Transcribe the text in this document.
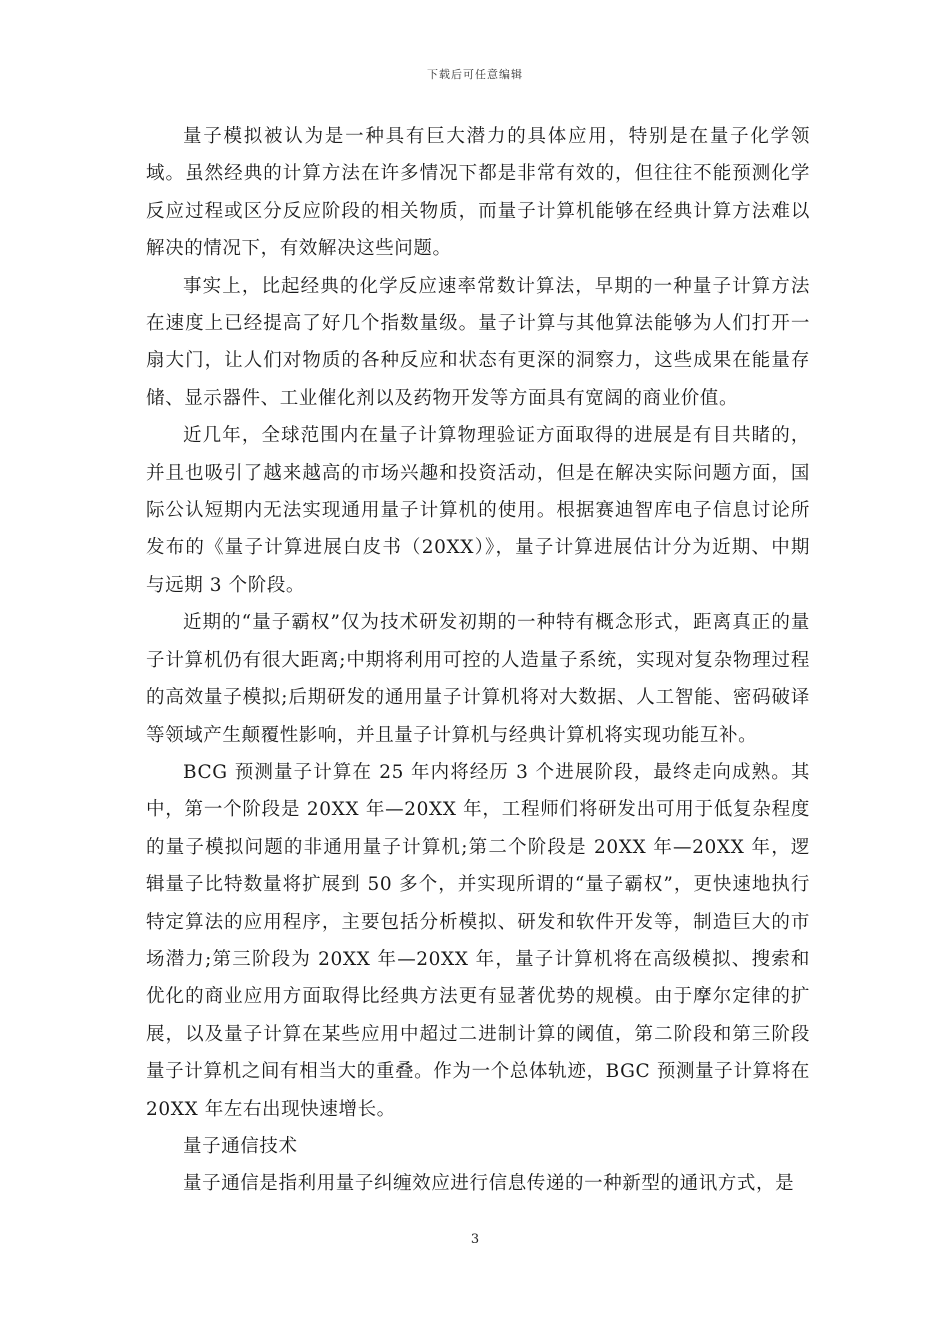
下载后可任意编辑

量子模拟被认为是一种具有巨大潜力的具体应用，特别是在量子化学领域。虽然经典的计算方法在许多情况下都是非常有效的，但往往不能预测化学反应过程或区分反应阶段的相关物质，而量子计算机能够在经典计算方法难以解决的情况下，有效解决这些问题。

事实上，比起经典的化学反应速率常数计算法，早期的一种量子计算方法在速度上已经提高了好几个指数量级。量子计算与其他算法能够为人们打开一扇大门，让人们对物质的各种反应和状态有更深的洞察力，这些成果在能量存储、显示器件、工业催化剂以及药物开发等方面具有宽阔的商业价值。

近几年，全球范围内在量子计算物理验证方面取得的进展是有目共睹的，并且也吸引了越来越高的市场兴趣和投资活动，但是在解决实际问题方面，国际公认短期内无法实现通用量子计算机的使用。根据赛迪智库电子信息讨论所发布的《量子计算进展白皮书（20XX）》，量子计算进展估计分为近期、中期与远期 3 个阶段。

近期的“量子霸权”仅为技术研发初期的一种特有概念形式，距离真正的量子计算机仍有很大距离;中期将利用可控的人造量子系统，实现对复杂物理过程的高效量子模拟;后期研发的通用量子计算机将对大数据、人工智能、密码破译等领域产生颠覆性影响，并且量子计算机与经典计算机将实现功能互补。

BCG 预测量子计算在 25 年内将经历 3 个进展阶段，最终走向成熟。其中，第一个阶段是 20XX 年—20XX 年，工程师们将研发出可用于低复杂程度的量子模拟问题的非通用量子计算机;第二个阶段是 20XX 年—20XX 年，逻辑量子比特数量将扩展到 50 多个，并实现所谓的“量子霸权”，更快速地执行特定算法的应用程序，主要包括分析模拟、研发和软件开发等，制造巨大的市场潜力;第三阶段为 20XX 年—20XX 年，量子计算机将在高级模拟、搜索和优化的商业应用方面取得比经典方法更有显著优势的规模。由于摩尔定律的扩展，以及量子计算在某些应用中超过二进制计算的阈值，第二阶段和第三阶段量子计算机之间有相当大的重叠。作为一个总体轨迹，BGC 预测量子计算将在 20XX 年左右出现快速增长。

量子通信技术

量子通信是指利用量子纠缠效应进行信息传递的一种新型的通讯方式，是

3
